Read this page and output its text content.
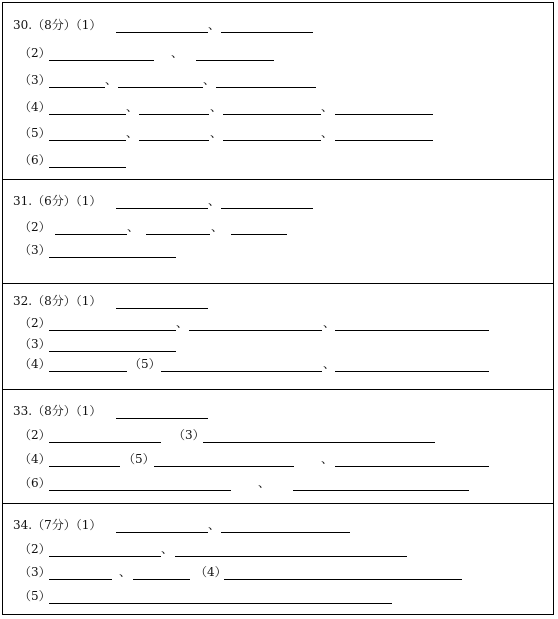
30.（8分）（1）	、
（2）	、
（3）	、	、
（4）	、	、	、
（5）	、	、	、
（6）
31.（6分）（1）	、
（2）	、	、
（3）
32.（8分）（1）
（2）	、	、
（3）
（4）	（5）	、
33.（8分）（1）
（2）	（3）
（4）	（5）	、
（6）	、
34.（7分）（1）	、
（2）	、
（3）	、	（4）
（5）
